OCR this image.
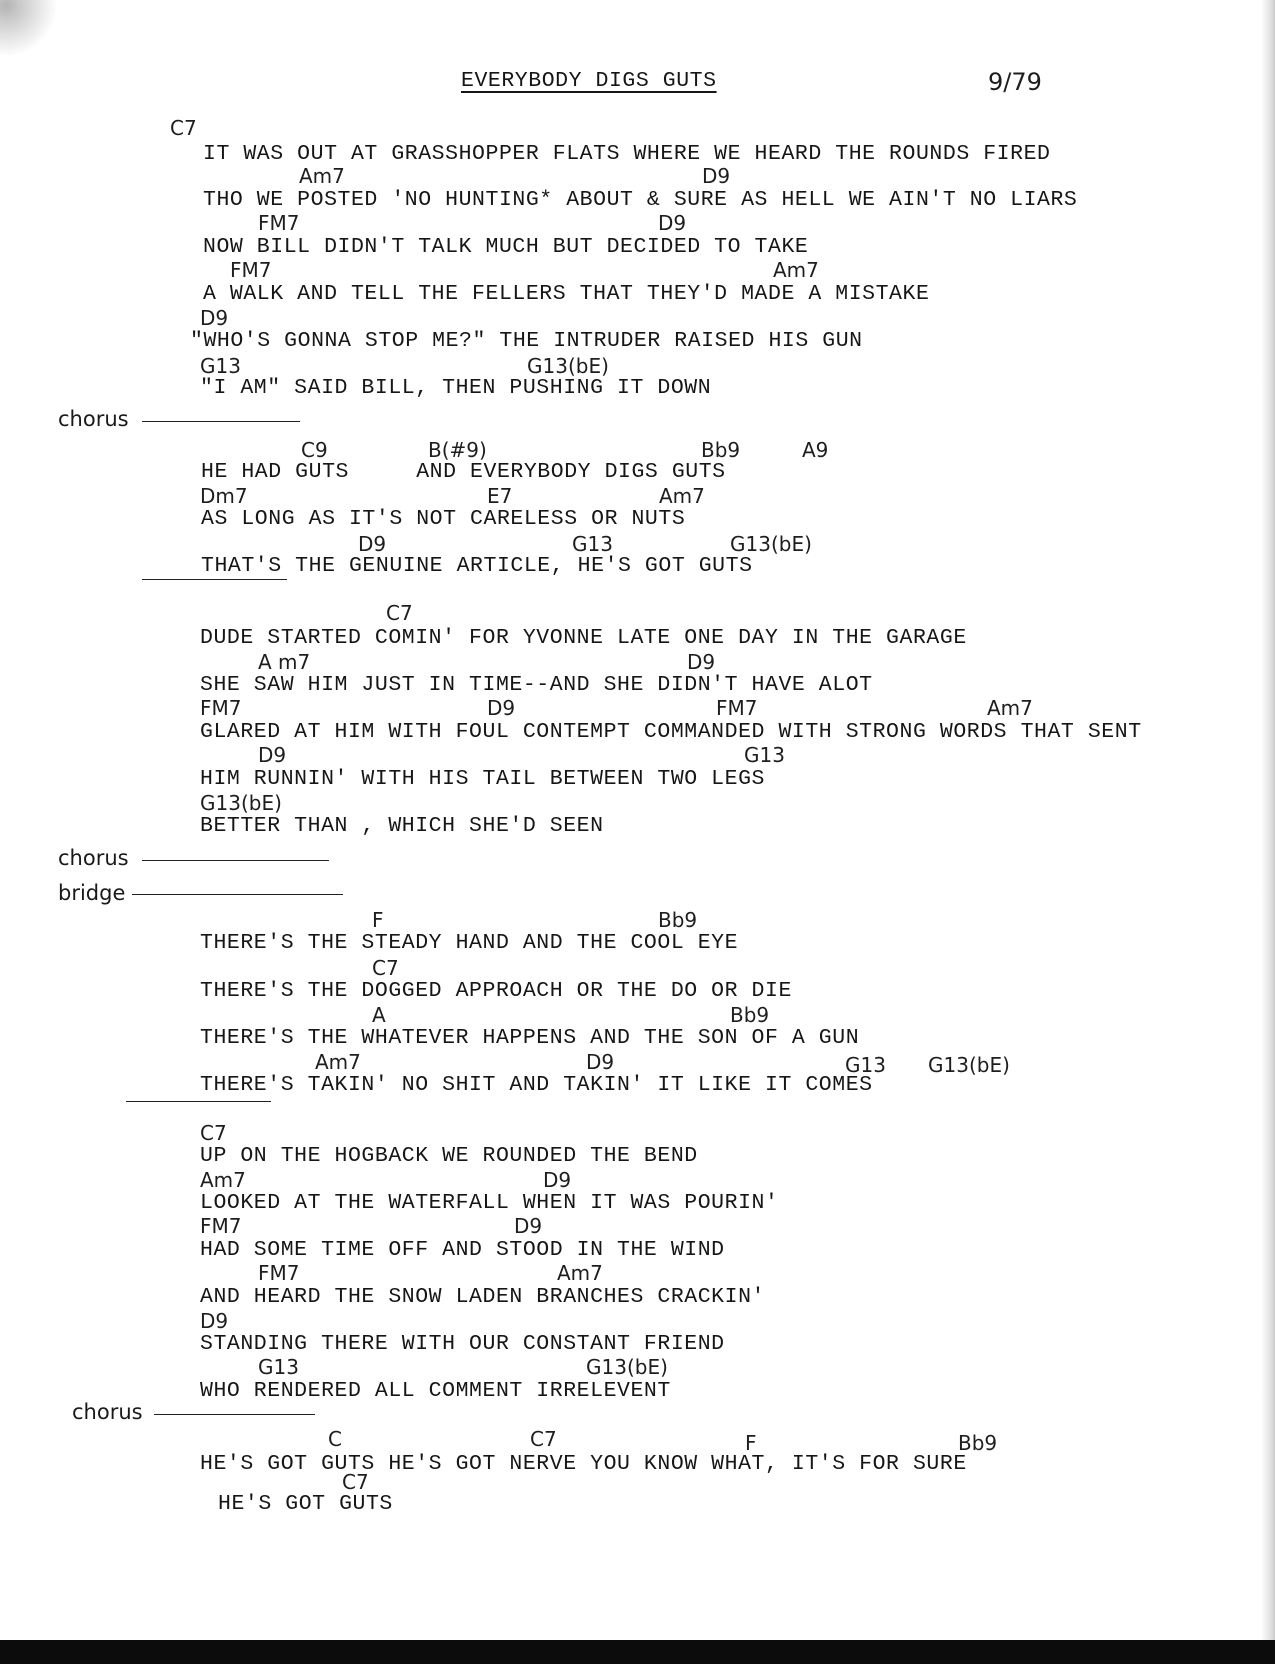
EVERYBODY DIGS GUTS	9/79
C7
IT WAS OUT AT GRASSHOPPER FLATS WHERE WE HEARD THE ROUNDS FIRED
Am7	D9
THO WE POSTED 'NO HUNTING* ABOUT & SURE AS HELL WE AIN'T NO LIARS
FM7	D9
NOW BILL DIDN'T TALK MUCH BUT DECIDED TO TAKE
FM7	Am7
A WALK AND TELL THE FELLERS THAT THEY'D MADE A MISTAKE
D9
"WHO'S GONNA STOP ME?" THE INTRUDER RAISED HIS GUN
G13	G13(bE)
"I AM" SAID BILL, THEN PUSHING IT DOWN
chorus
C9	B(#9)	Bb9	A9
HE HAD GUTS     AND EVERYBODY DIGS GUTS
Dm7	E7	Am7
AS LONG AS IT'S NOT CARELESS OR NUTS
D9	G13	G13(bE)
THAT'S THE GENUINE ARTICLE, HE'S GOT GUTS
C7
DUDE STARTED COMIN' FOR YVONNE LATE ONE DAY IN THE GARAGE
A m7	D9
SHE SAW HIM JUST IN TIME--AND SHE DIDN'T HAVE ALOT
FM7	D9	FM7	Am7
GLARED AT HIM WITH FOUL CONTEMPT COMMANDED WITH STRONG WORDS THAT SENT
D9	G13
HIM RUNNIN' WITH HIS TAIL BETWEEN TWO LEGS
G13(bE)
BETTER THAN , WHICH SHE'D SEEN
chorus
bridge
F	Bb9
THERE'S THE STEADY HAND AND THE COOL EYE
C7
THERE'S THE DOGGED APPROACH OR THE DO OR DIE
A	Bb9
THERE'S THE WHATEVER HAPPENS AND THE SON OF A GUN
Am7	D9	G13 G13(bE)
THERE'S TAKIN' NO SHIT AND TAKIN' IT LIKE IT COMES
C7
UP ON THE HOGBACK WE ROUNDED THE BEND
Am7	D9
LOOKED AT THE WATERFALL WHEN IT WAS POURIN'
FM7	D9
HAD SOME TIME OFF AND STOOD IN THE WIND
FM7	Am7
AND HEARD THE SNOW LADEN BRANCHES CRACKIN'
D9
STANDING THERE WITH OUR CONSTANT FRIEND
G13	G13(bE)
WHO RENDERED ALL COMMENT IRRELEVENT
chorus
C	C7	F	Bb9
HE'S GOT GUTS HE'S GOT NERVE YOU KNOW WHAT, IT'S FOR SURE
C7
HE'S GOT GUTS
